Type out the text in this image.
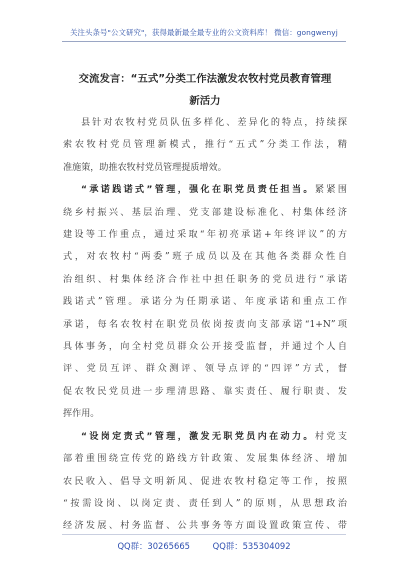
关注头条号"公文研究"，获得最新最全最专业的公文资料库！ 微信：gongwenyj
交流发言：“五式”分类工作法激发农牧村党员教育管理
新活力
县针对农牧村党员队伍多样化、差异化的特点，持续探
索农牧村党员管理新模式，推行“五式”分类工作法，精
准施策，助推农牧村党员管理提质增效。
“承诺践诺式”管理，强化在职党员责任担当。紧紧围
绕乡村振兴、基层治理、党支部建设标准化、村集体经济
建设等工作重点，通过采取“年初亮承诺+年终评议”的方
式，对农牧村“两委”班子成员以及在其他各类群众性自
治组织、村集体经济合作社中担任职务的党员进行“承诺
践诺式”管理。承诺分为任期承诺、年度承诺和重点工作
承诺，每名农牧村在职党员依岗按责向支部承诺“1+N”项
具体事务，向全村党员群众公开接受监督，并通过个人自
评、党员互评、群众测评、领导点评的“四评”方式，督
促农牧民党员进一步理清思路、靠实责任、履行职责、发
挥作用。
“设岗定责式”管理，激发无职党员内在动力。村党支
部着重围绕宣传党的路线方针政策、发展集体经济、增加
农民收入、倡导文明新风、促进农牧村稳定等工作，按照
“按需设岗、以岗定责、责任到人”的原则，从思想政治
经济发展、村务监督、公共事务等方面设置政策宣传、带
QQ群：30265665	QQ群：535304092
